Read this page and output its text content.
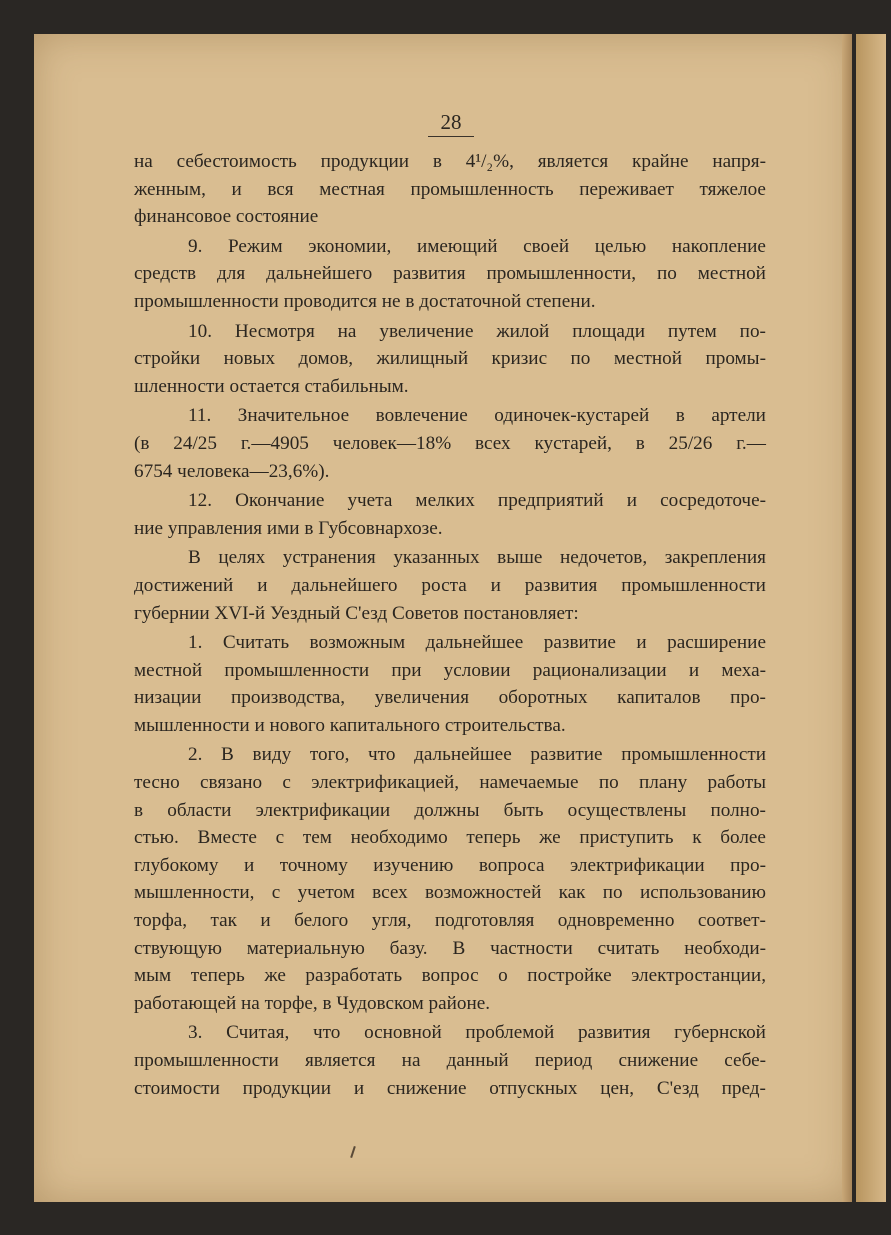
28
на себестоимость продукции в 4¹/₂%, является крайне напря-
женным, и вся местная промышленность переживает тяжелое
финансовое состояние
9. Режим экономии, имеющий своей целью накопление
средств для дальнейшего развития промышленности, по местной
промышленности проводится не в достаточной степени.
10. Несмотря на увеличение жилой площади путем по-
стройки новых домов, жилищный кризис по местной промы-
шленности остается стабильным.
11. Значительное вовлечение одиночек-кустарей в артели
(в 24/25 г.—4905 человек—18% всех кустарей, в 25/26 г.—
6754 человека—23,6%).
12. Окончание учета мелких предприятий и сосредоточе-
ние управления ими в Губсовнархозе.
В целях устранения указанных выше недочетов, закрепления
достижений и дальнейшего роста и развития промышленности
губернии XVI-й Уездный С'езд Советов постановляет:
1. Считать возможным дальнейшее развитие и расширение
местной промышленности при условии рационализации и меха-
низации производства, увеличения оборотных капиталов про-
мышленности и нового капитального строительства.
2. В виду того, что дальнейшее развитие промышленности
тесно связано с электрификацией, намечаемые по плану работы
в области электрификации должны быть осуществлены полно-
стью. Вместе с тем необходимо теперь же приступить к более
глубокому и точному изучению вопроса электрификации про-
мышленности, с учетом всех возможностей как по использованию
торфа, так и белого угля, подготовляя одновременно соответ-
ствующую материальную базу. В частности считать необходи-
мым теперь же разработать вопрос о постройке электростанции,
работающей на торфе, в Чудовском районе.
3. Считая, что основной проблемой развития губернской
промышленности является на данный период снижение себе-
стоимости продукции и снижение отпускных цен, С'езд пред-
